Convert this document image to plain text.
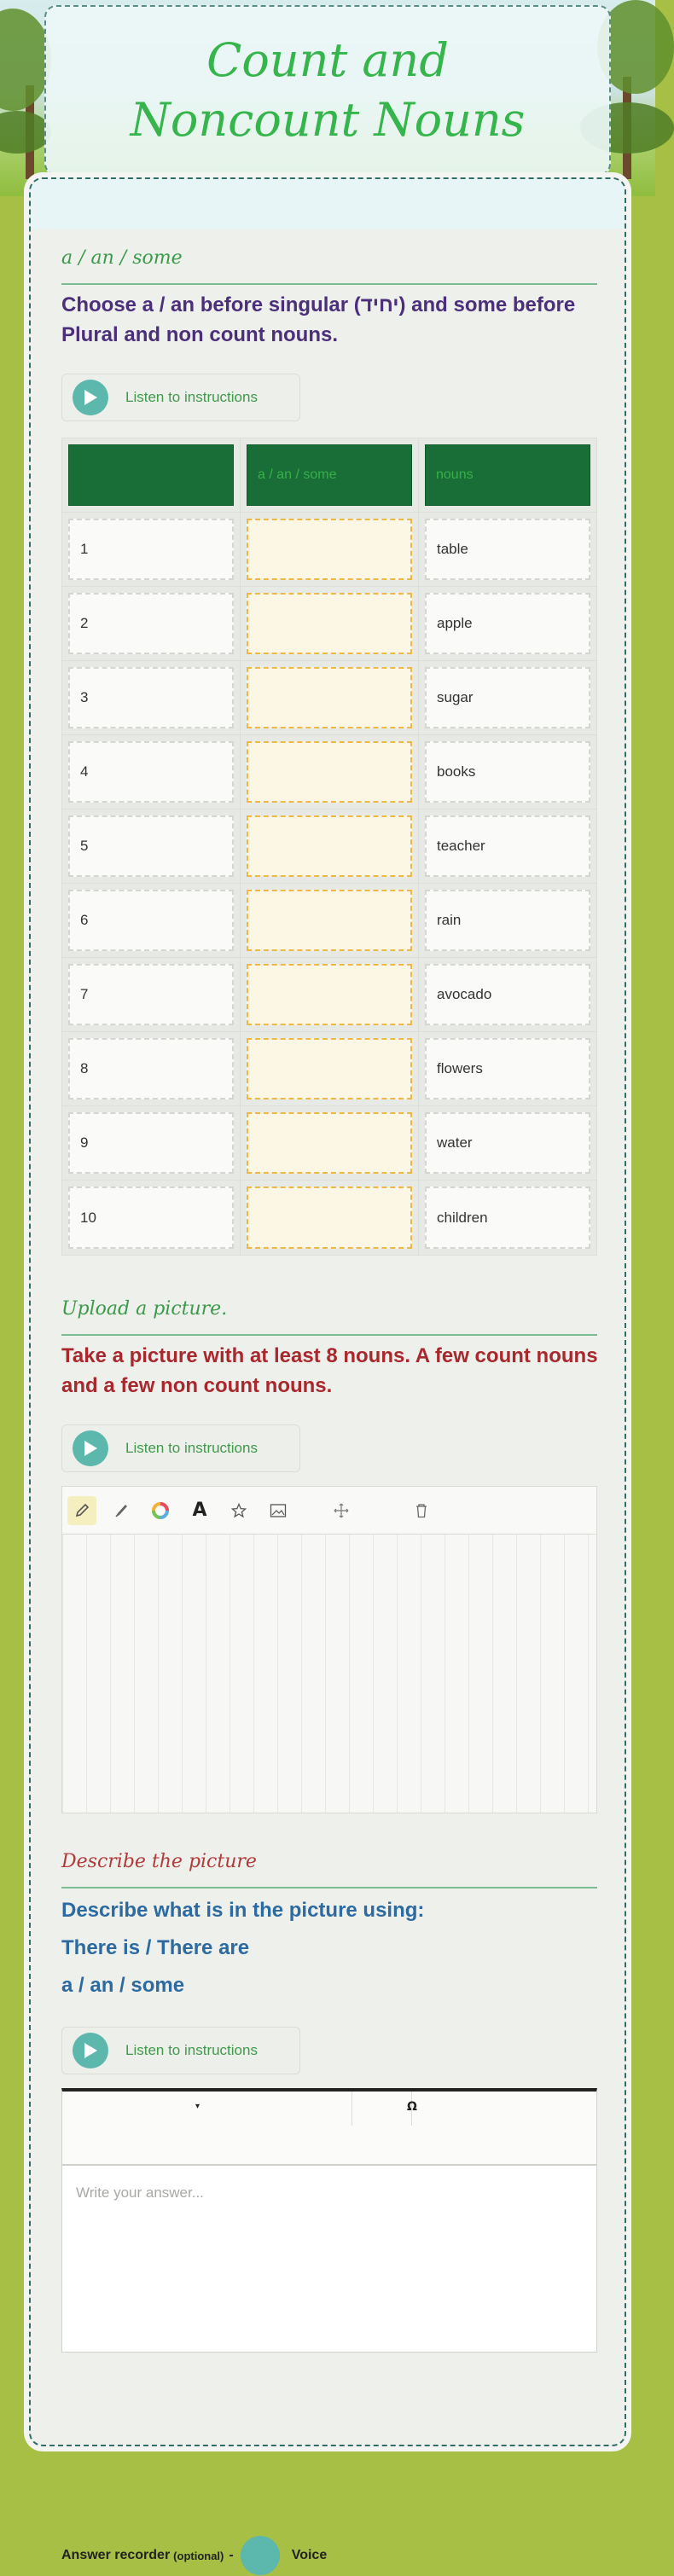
Count and Noncount Nouns
a / an / some
Choose a / an before singular (יחיד) and some before Plural and non count nouns.
Listen to instructions
a / an / some	nouns
1	table
2	apple
3	sugar
4	books
5	teacher
6	rain
7	avocado
8	flowers
9	water
10	children
Upload a picture.
Take a picture with at least 8 nouns. A few count nouns and a few non count nouns.
Listen to instructions
A
Describe the picture
Describe what is in the picture using:
There is / There are
a / an / some
Listen to instructions
▾	Ω
Write your answer...
Answer recorder (optional) -	Voice
